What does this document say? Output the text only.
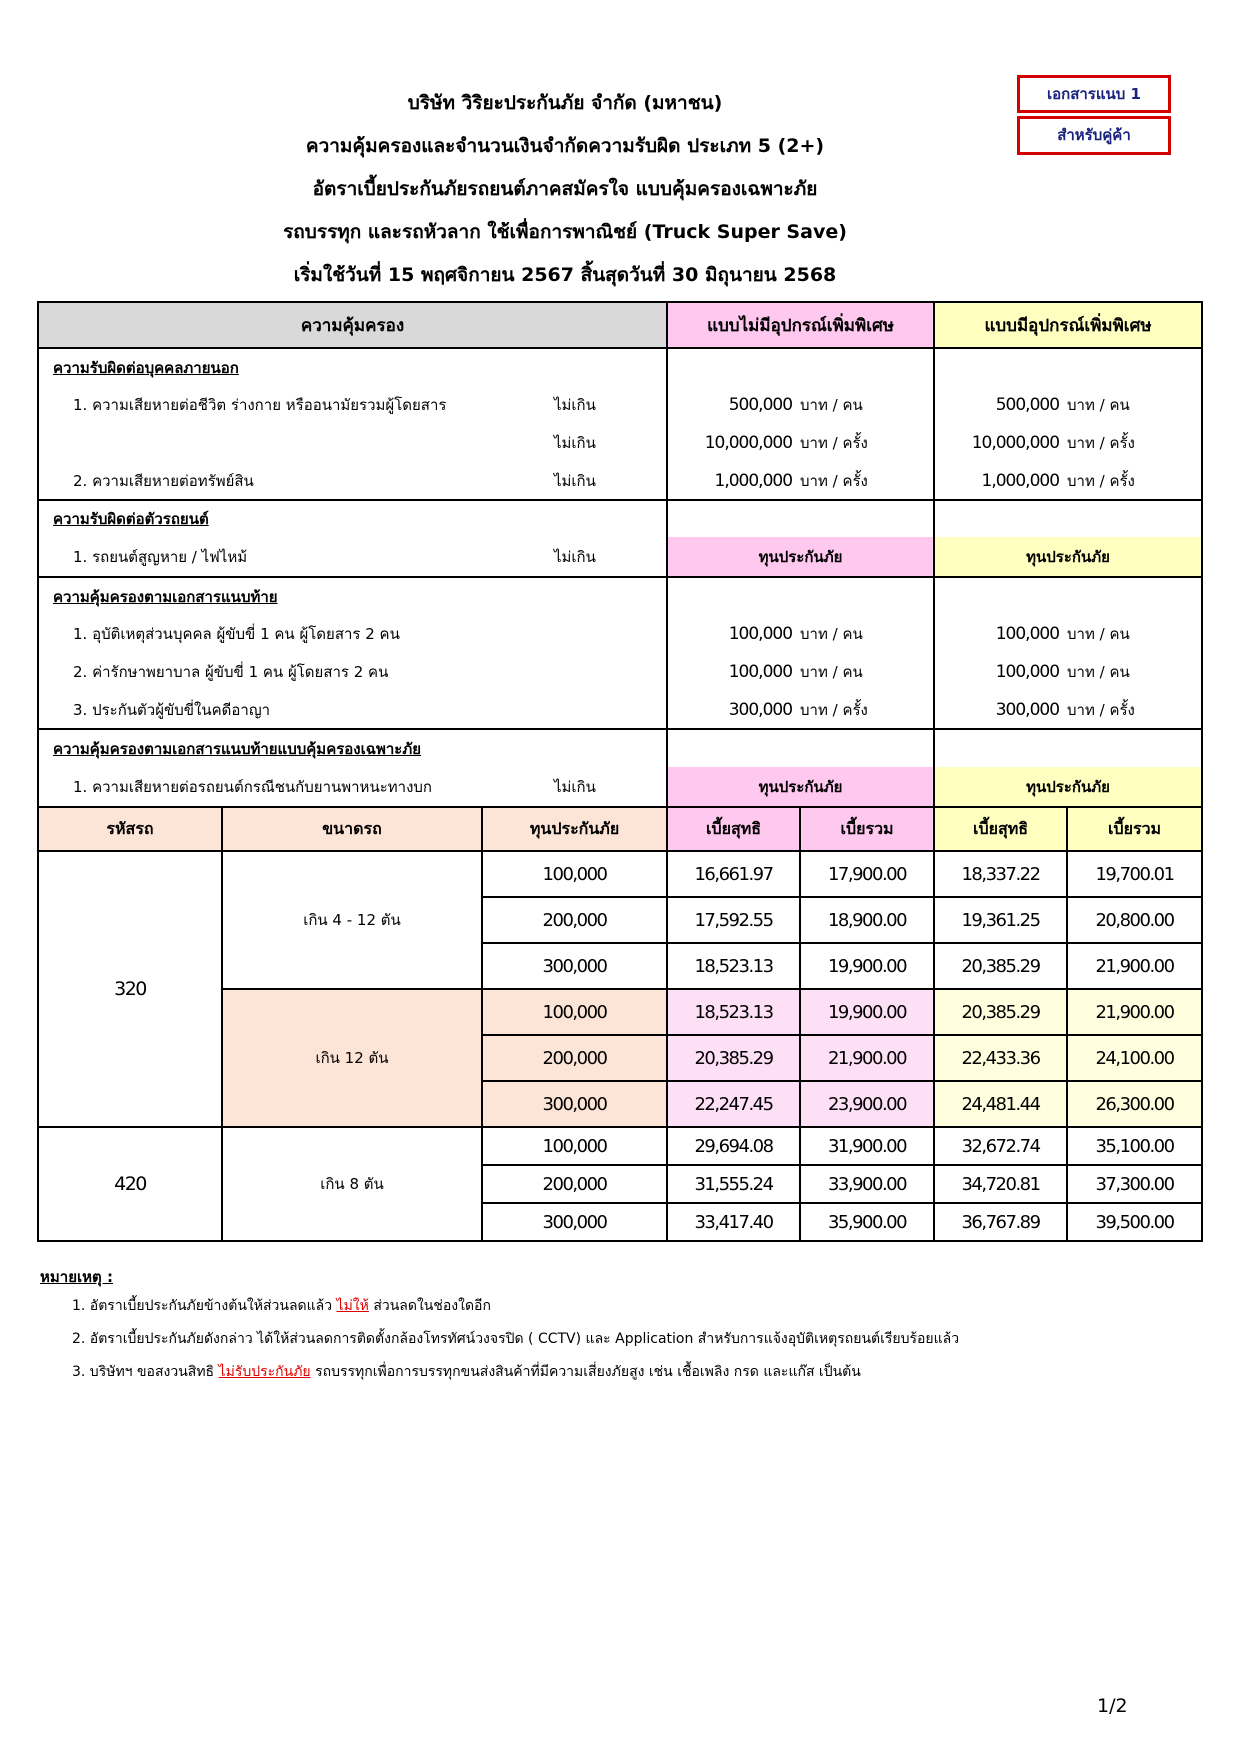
บริษัท วิริยะประกันภัย จำกัด (มหาชน)
ความคุ้มครองและจำนวนเงินจำกัดความรับผิด ประเภท 5 (2+)
อัตราเบี้ยประกันภัยรถยนต์ภาคสมัครใจ แบบคุ้มครองเฉพาะภัย
รถบรรทุก และรถหัวลาก ใช้เพื่อการพาณิชย์ (Truck Super Save)
เริ่มใช้วันที่ 15 พฤศจิกายน 2567 สิ้นสุดวันที่ 30 มิถุนายน 2568
เอกสารแนบ 1
สำหรับคู่ค้า
ความคุ้มครอง			แบบไม่มีอุปกรณ์เพิ่มพิเศษ		แบบมีอุปกรณ์เพิ่มพิเศษ	
ความรับผิดต่อบุคคลภายนอก						
1. ความเสียหายต่อชีวิต ร่างกาย หรืออนามัยรวมผู้โดยสาร		ไม่เกิน	500,000	บาท / คน	500,000	บาท / คน
		ไม่เกิน	10,000,000	บาท / ครั้ง	10,000,000	บาท / ครั้ง
2. ความเสียหายต่อทรัพย์สิน		ไม่เกิน	1,000,000	บาท / ครั้ง	1,000,000	บาท / ครั้ง
ความรับผิดต่อตัวรถยนต์						
1. รถยนต์สูญหาย / ไฟไหม้		ไม่เกิน	ทุนประกันภัย		ทุนประกันภัย	
ความคุ้มครองตามเอกสารแนบท้าย						
1. อุบัติเหตุส่วนบุคคล ผู้ขับขี่ 1 คน ผู้โดยสาร 2 คน			100,000	บาท / คน	100,000	บาท / คน
2. ค่ารักษาพยาบาล ผู้ขับขี่ 1 คน ผู้โดยสาร 2 คน			100,000	บาท / คน	100,000	บาท / คน
3. ประกันตัวผู้ขับขี่ในคดีอาญา			300,000	บาท / ครั้ง	300,000	บาท / ครั้ง
ความคุ้มครองตามเอกสารแนบท้ายแบบคุ้มครองเฉพาะภัย						
1. ความเสียหายต่อรถยนต์กรณีชนกับยานพาหนะทางบก		ไม่เกิน	ทุนประกันภัย		ทุนประกันภัย	
รหัสรถ	ขนาดรถ	ทุนประกันภัย	เบี้ยสุทธิ	เบี้ยรวม	เบี้ยสุทธิ	เบี้ยรวม
320	เกิน 4 - 12 ตัน	100,000	16,661.97	17,900.00	18,337.22	19,700.01
		200,000	17,592.55	18,900.00	19,361.25	20,800.00
		300,000	18,523.13	19,900.00	20,385.29	21,900.00
	เกิน 12 ตัน	100,000	18,523.13	19,900.00	20,385.29	21,900.00
		200,000	20,385.29	21,900.00	22,433.36	24,100.00
		300,000	22,247.45	23,900.00	24,481.44	26,300.00
420	เกิน 8 ตัน	100,000	29,694.08	31,900.00	32,672.74	35,100.00
		200,000	31,555.24	33,900.00	34,720.81	37,300.00
		300,000	33,417.40	35,900.00	36,767.89	39,500.00
หมายเหตุ :
1. อัตราเบี้ยประกันภัยข้างต้นให้ส่วนลดแล้ว ไม่ให้ ส่วนลดในช่องใดอีก
2. อัตราเบี้ยประกันภัยดังกล่าว ได้ให้ส่วนลดการติดตั้งกล้องโทรทัศน์วงจรปิด ( CCTV) และ Application สำหรับการแจ้งอุบัติเหตุรถยนต์เรียบร้อยแล้ว
3. บริษัทฯ ขอสงวนสิทธิ ไม่รับประกันภัย รถบรรทุกเพื่อการบรรทุกขนส่งสินค้าที่มีความเสี่ยงภัยสูง เช่น เชื้อเพลิง กรด และแก๊ส เป็นต้น
1/2
